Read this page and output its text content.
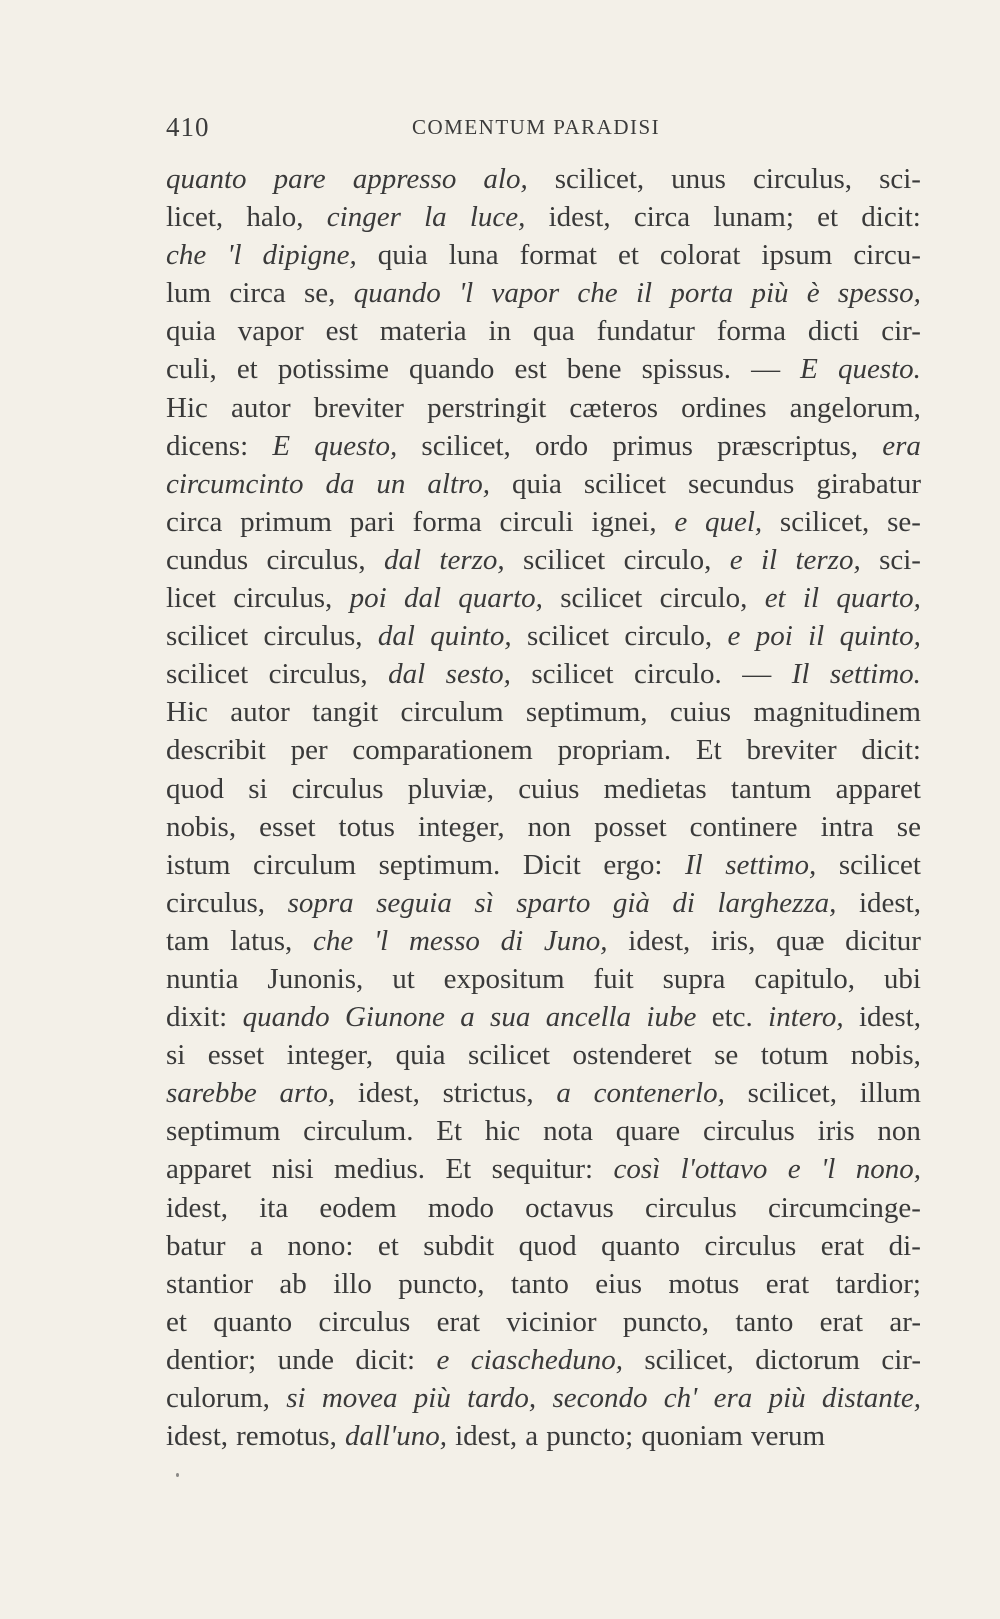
410	COMENTUM PARADISI
quanto pare appresso alo, scilicet, unus circulus, sci-
licet, halo, cinger la luce, idest, circa lunam; et dicit:
che 'l dipigne, quia luna format et colorat ipsum circu-
lum circa se, quando 'l vapor che il porta più è spesso,
quia vapor est materia in qua fundatur forma dicti cir-
culi, et potissime quando est bene spissus. — E questo.
Hic autor breviter perstringit cæteros ordines angelorum,
dicens: E questo, scilicet, ordo primus præscriptus, era
circumcinto da un altro, quia scilicet secundus girabatur
circa primum pari forma circuli ignei, e quel, scilicet, se-
cundus circulus, dal terzo, scilicet circulo, e il terzo, sci-
licet circulus, poi dal quarto, scilicet circulo, et il quarto,
scilicet circulus, dal quinto, scilicet circulo, e poi il quinto,
scilicet circulus, dal sesto, scilicet circulo. — Il settimo.
Hic autor tangit circulum septimum, cuius magnitudinem
describit per comparationem propriam. Et breviter dicit:
quod si circulus pluviæ, cuius medietas tantum apparet
nobis, esset totus integer, non posset continere intra se
istum circulum septimum. Dicit ergo: Il settimo, scilicet
circulus, sopra seguia sì sparto già di larghezza, idest,
tam latus, che 'l messo di Juno, idest, iris, quæ dicitur
nuntia Junonis, ut expositum fuit supra capitulo, ubi
dixit: quando Giunone a sua ancella iube etc. intero, idest,
si esset integer, quia scilicet ostenderet se totum nobis,
sarebbe arto, idest, strictus, a contenerlo, scilicet, illum
septimum circulum. Et hic nota quare circulus iris non
apparet nisi medius. Et sequitur: così l'ottavo e 'l nono,
idest, ita eodem modo octavus circulus circumcinge-
batur a nono: et subdit quod quanto circulus erat di-
stantior ab illo puncto, tanto eius motus erat tardior;
et quanto circulus erat vicinior puncto, tanto erat ar-
dentior; unde dicit: e ciascheduno, scilicet, dictorum cir-
culorum, si movea più tardo, secondo ch' era più distante,
idest, remotus, dall'uno, idest, a puncto; quoniam verum
